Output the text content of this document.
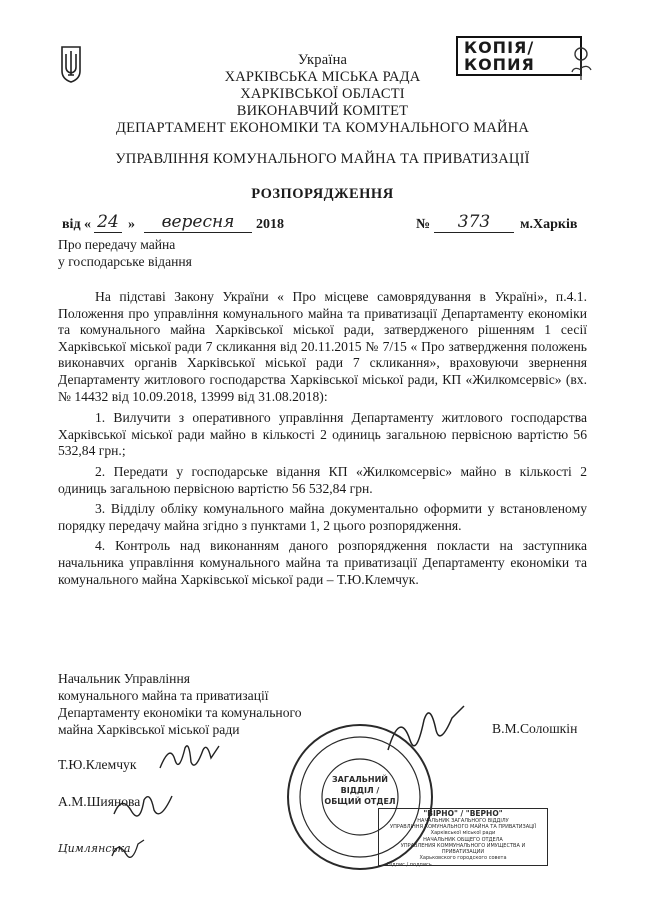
КОПІЯ/
КОПИЯ
Україна
ХАРКІВСЬКА МІСЬКА РАДА
ХАРКІВСЬКОЇ ОБЛАСТІ
ВИКОНАВЧИЙ КОМІТЕТ
ДЕПАРТАМЕНТ ЕКОНОМІКИ ТА КОМУНАЛЬНОГО МАЙНА
УПРАВЛІННЯ КОМУНАЛЬНОГО МАЙНА ТА ПРИВАТИЗАЦІЇ
РОЗПОРЯДЖЕННЯ
від « 24 »	вересня	2018	№	373	м.Харків
Про передачу майна
у господарське відання
На підставі Закону України « Про місцеве самоврядування в Україні», п.4.1. Положення про управління комунального майна та приватизації Департаменту економіки та комунального майна Харківської міської ради, затвердженого рішенням 1 сесії Харківської міської ради 7 скликання від 20.11.2015 № 7/15 « Про затвердження положень виконавчих органів Харківської міської ради 7 скликання», враховуючи звернення Департаменту житлового господарства Харківської міської ради, КП «Жилкомсервіс» (вх. № 14432 від 10.09.2018, 13999 від 31.08.2018):
1. Вилучити з оперативного управління Департаменту житлового господарства Харківської міської ради майно в кількості 2 одиниць загальною первісною вартістю 56 532,84 грн.;
2. Передати у господарське відання КП «Жилкомсервіс» майно в кількості 2 одиниць загальною первісною вартістю 56 532,84 грн.
3. Відділу обліку комунального майна документально оформити у встановленому порядку передачу майна згідно з пунктами 1, 2 цього розпорядження.
4. Контроль над виконанням даного розпорядження покласти на заступника начальника управління комунального майна та приватизації Департаменту економіки та комунального майна Харківської міської ради – Т.Ю.Клемчук.
Начальник Управління
комунального майна та приватизації
Департаменту економіки та комунального
майна Харківської міської ради	В.М.Солошкін
Т.Ю.Клемчук
А.М.Шиянова
Цимлянська
ЗАГАЛЬНИЙ
ВІДДІЛ /
ОБЩИЙ ОТДЕЛ
"ВІРНО" / "ВЕРНО"
НАЧАЛЬНИК ЗАГАЛЬНОГО ВІДДІЛУ
УПРАВЛІННЯ КОМУНАЛЬНОГО МАЙНА ТА ПРИВАТИЗАЦІЇ
Харківської міської ради
НАЧАЛЬНИК ОБЩЕГО ОТДЕЛА
УПРАВЛЕНИЯ КОММУНАЛЬНОГО ИМУЩЕСТВА И ПРИВАТИЗАЦИИ
Харьковского городского совета
Підпис / подпись
